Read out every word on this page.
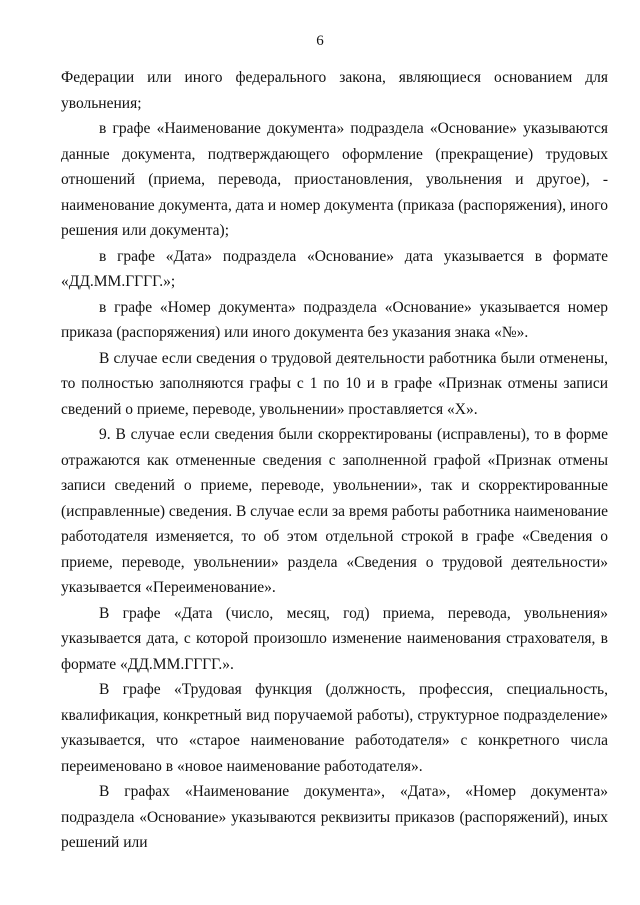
6

Федерации или иного федерального закона, являющиеся основанием для увольнения;

в графе «Наименование документа» подраздела «Основание» указываются данные документа, подтверждающего оформление (прекращение) трудовых отношений (приема, перевода, приостановления, увольнения и другое), - наименование документа, дата и номер документа (приказа (распоряжения), иного решения или документа);

в графе «Дата» подраздела «Основание» дата указывается в формате «ДД.ММ.ГГГГ.»;

в графе «Номер документа» подраздела «Основание» указывается номер приказа (распоряжения) или иного документа без указания знака «№».

В случае если сведения о трудовой деятельности работника были отменены, то полностью заполняются графы с 1 по 10 и в графе «Признак отмены записи сведений о приеме, переводе, увольнении» проставляется «X».

9. В случае если сведения были скорректированы (исправлены), то в форме отражаются как отмененные сведения с заполненной графой «Признак отмены записи сведений о приеме, переводе, увольнении», так и скорректированные (исправленные) сведения. В случае если за время работы работника наименование работодателя изменяется, то об этом отдельной строкой в графе «Сведения о приеме, переводе, увольнении» раздела «Сведения о трудовой деятельности» указывается «Переименование».

В графе «Дата (число, месяц, год) приема, перевода, увольнения» указывается дата, с которой произошло изменение наименования страхователя, в формате «ДД.ММ.ГГГГ.».

В графе «Трудовая функция (должность, профессия, специальность, квалификация, конкретный вид поручаемой работы), структурное подразделение» указывается, что «старое наименование работодателя» с конкретного числа переименовано в «новое наименование работодателя».

В графах «Наименование документа», «Дата», «Номер документа» подраздела «Основание» указываются реквизиты приказов (распоряжений), иных решений или
